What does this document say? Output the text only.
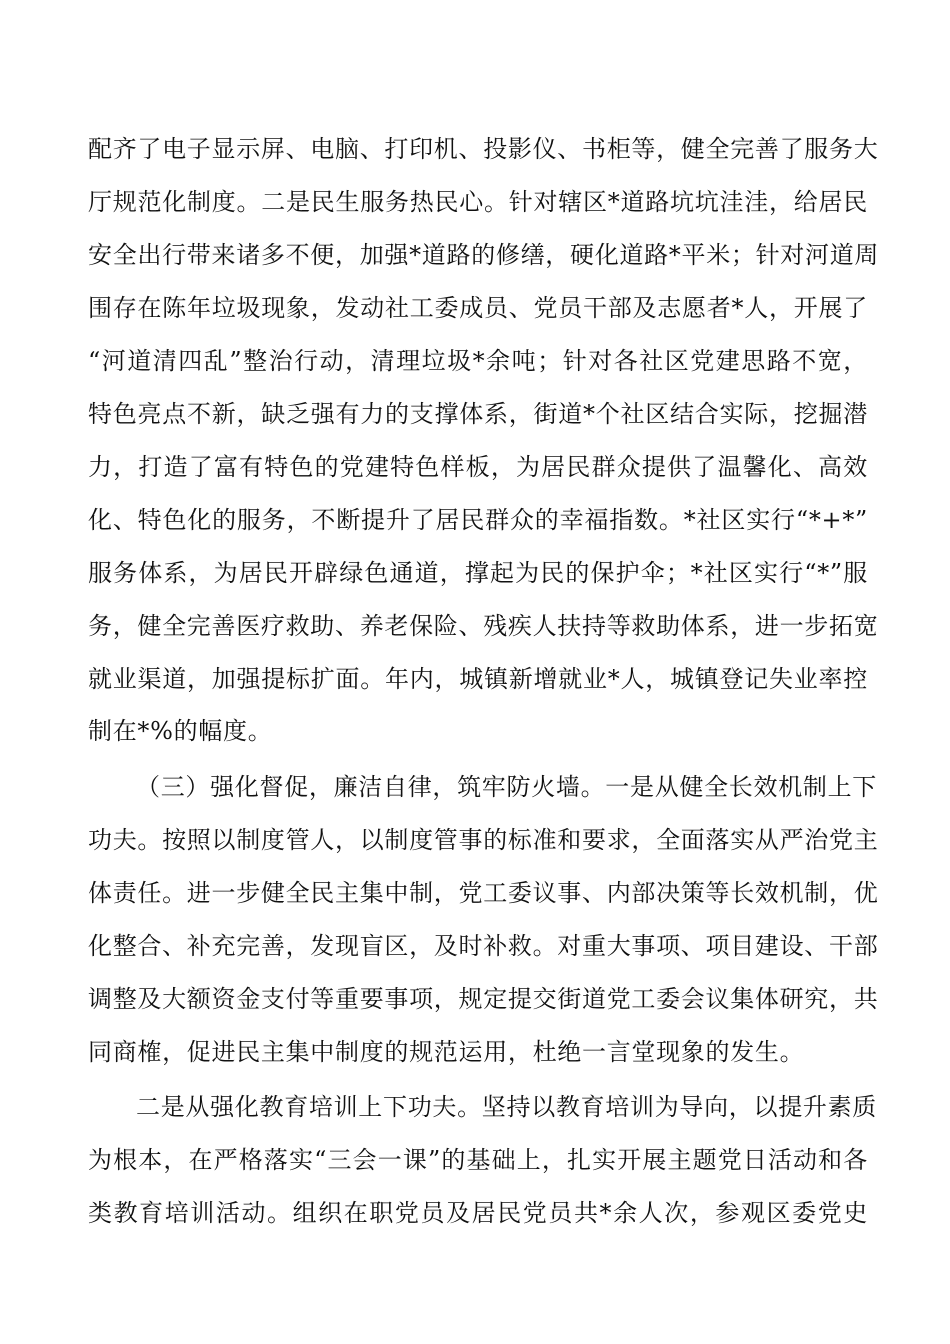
配齐了电子显示屏、电脑、打印机、投影仪、书柜等，健全完善了服务大
厅规范化制度。二是民生服务热民心。针对辖区*道路坑坑洼洼，给居民
安全出行带来诸多不便，加强*道路的修缮，硬化道路*平米；针对河道周
围存在陈年垃圾现象，发动社工委成员、党员干部及志愿者*人，开展了
“河道清四乱”整治行动，清理垃圾*余吨；针对各社区党建思路不宽，
特色亮点不新，缺乏强有力的支撑体系，街道*个社区结合实际，挖掘潜
力，打造了富有特色的党建特色样板，为居民群众提供了温馨化、高效
化、特色化的服务，不断提升了居民群众的幸福指数。*社区实行“*+*”
服务体系，为居民开辟绿色通道，撑起为民的保护伞；*社区实行“*”服
务，健全完善医疗救助、养老保险、残疾人扶持等救助体系，进一步拓宽
就业渠道，加强提标扩面。年内，城镇新增就业*人，城镇登记失业率控
制在*%的幅度。
（三）强化督促，廉洁自律，筑牢防火墙。一是从健全长效机制上下
功夫。按照以制度管人，以制度管事的标准和要求，全面落实从严治党主
体责任。进一步健全民主集中制，党工委议事、内部决策等长效机制，优
化整合、补充完善，发现盲区，及时补救。对重大事项、项目建设、干部
调整及大额资金支付等重要事项，规定提交街道党工委会议集体研究，共
同商榷，促进民主集中制度的规范运用，杜绝一言堂现象的发生。
二是从强化教育培训上下功夫。坚持以教育培训为导向，以提升素质
为根本，在严格落实“三会一课”的基础上，扎实开展主题党日活动和各
类教育培训活动。组织在职党员及居民党员共*余人次，参观区委党史
